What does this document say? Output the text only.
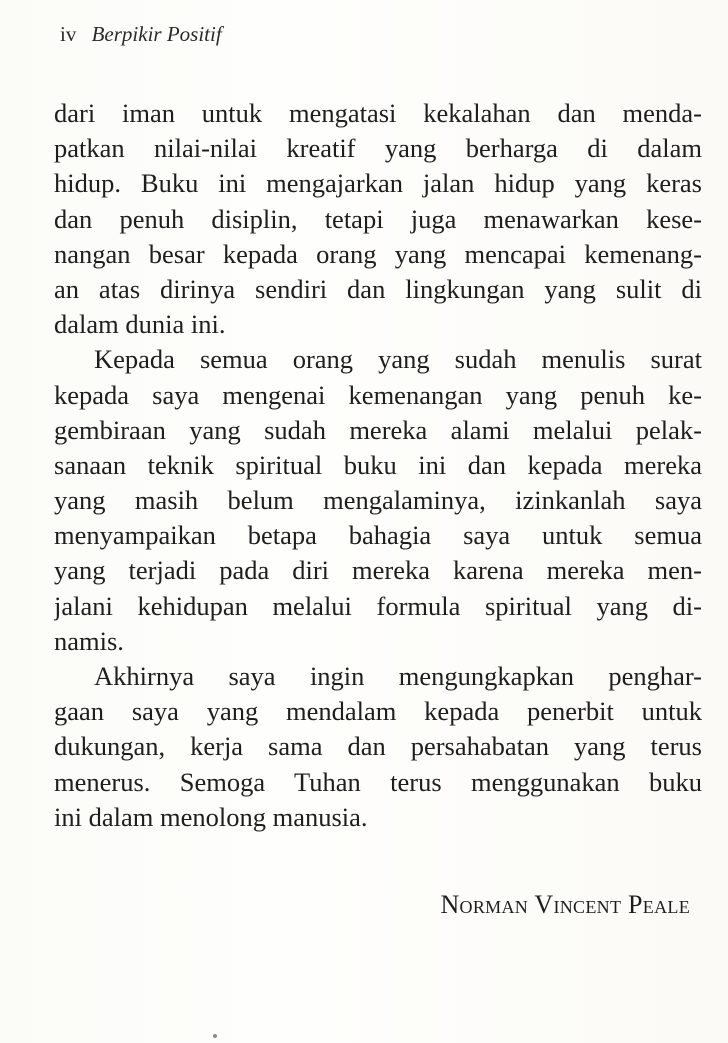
iv Berpikir Positif
dari iman untuk mengatasi kekalahan dan menda-
patkan nilai-nilai kreatif yang berharga di dalam
hidup. Buku ini mengajarkan jalan hidup yang keras
dan penuh disiplin, tetapi juga menawarkan kese-
nangan besar kepada orang yang mencapai kemenang-
an atas dirinya sendiri dan lingkungan yang sulit di
dalam dunia ini.
Kepada semua orang yang sudah menulis surat
kepada saya mengenai kemenangan yang penuh ke-
gembiraan yang sudah mereka alami melalui pelak-
sanaan teknik spiritual buku ini dan kepada mereka
yang masih belum mengalaminya, izinkanlah saya
menyampaikan betapa bahagia saya untuk semua
yang terjadi pada diri mereka karena mereka men-
jalani kehidupan melalui formula spiritual yang di-
namis.
Akhirnya saya ingin mengungkapkan penghar-
gaan saya yang mendalam kepada penerbit untuk
dukungan, kerja sama dan persahabatan yang terus
menerus. Semoga Tuhan terus menggunakan buku
ini dalam menolong manusia.
Norman Vincent Peale
